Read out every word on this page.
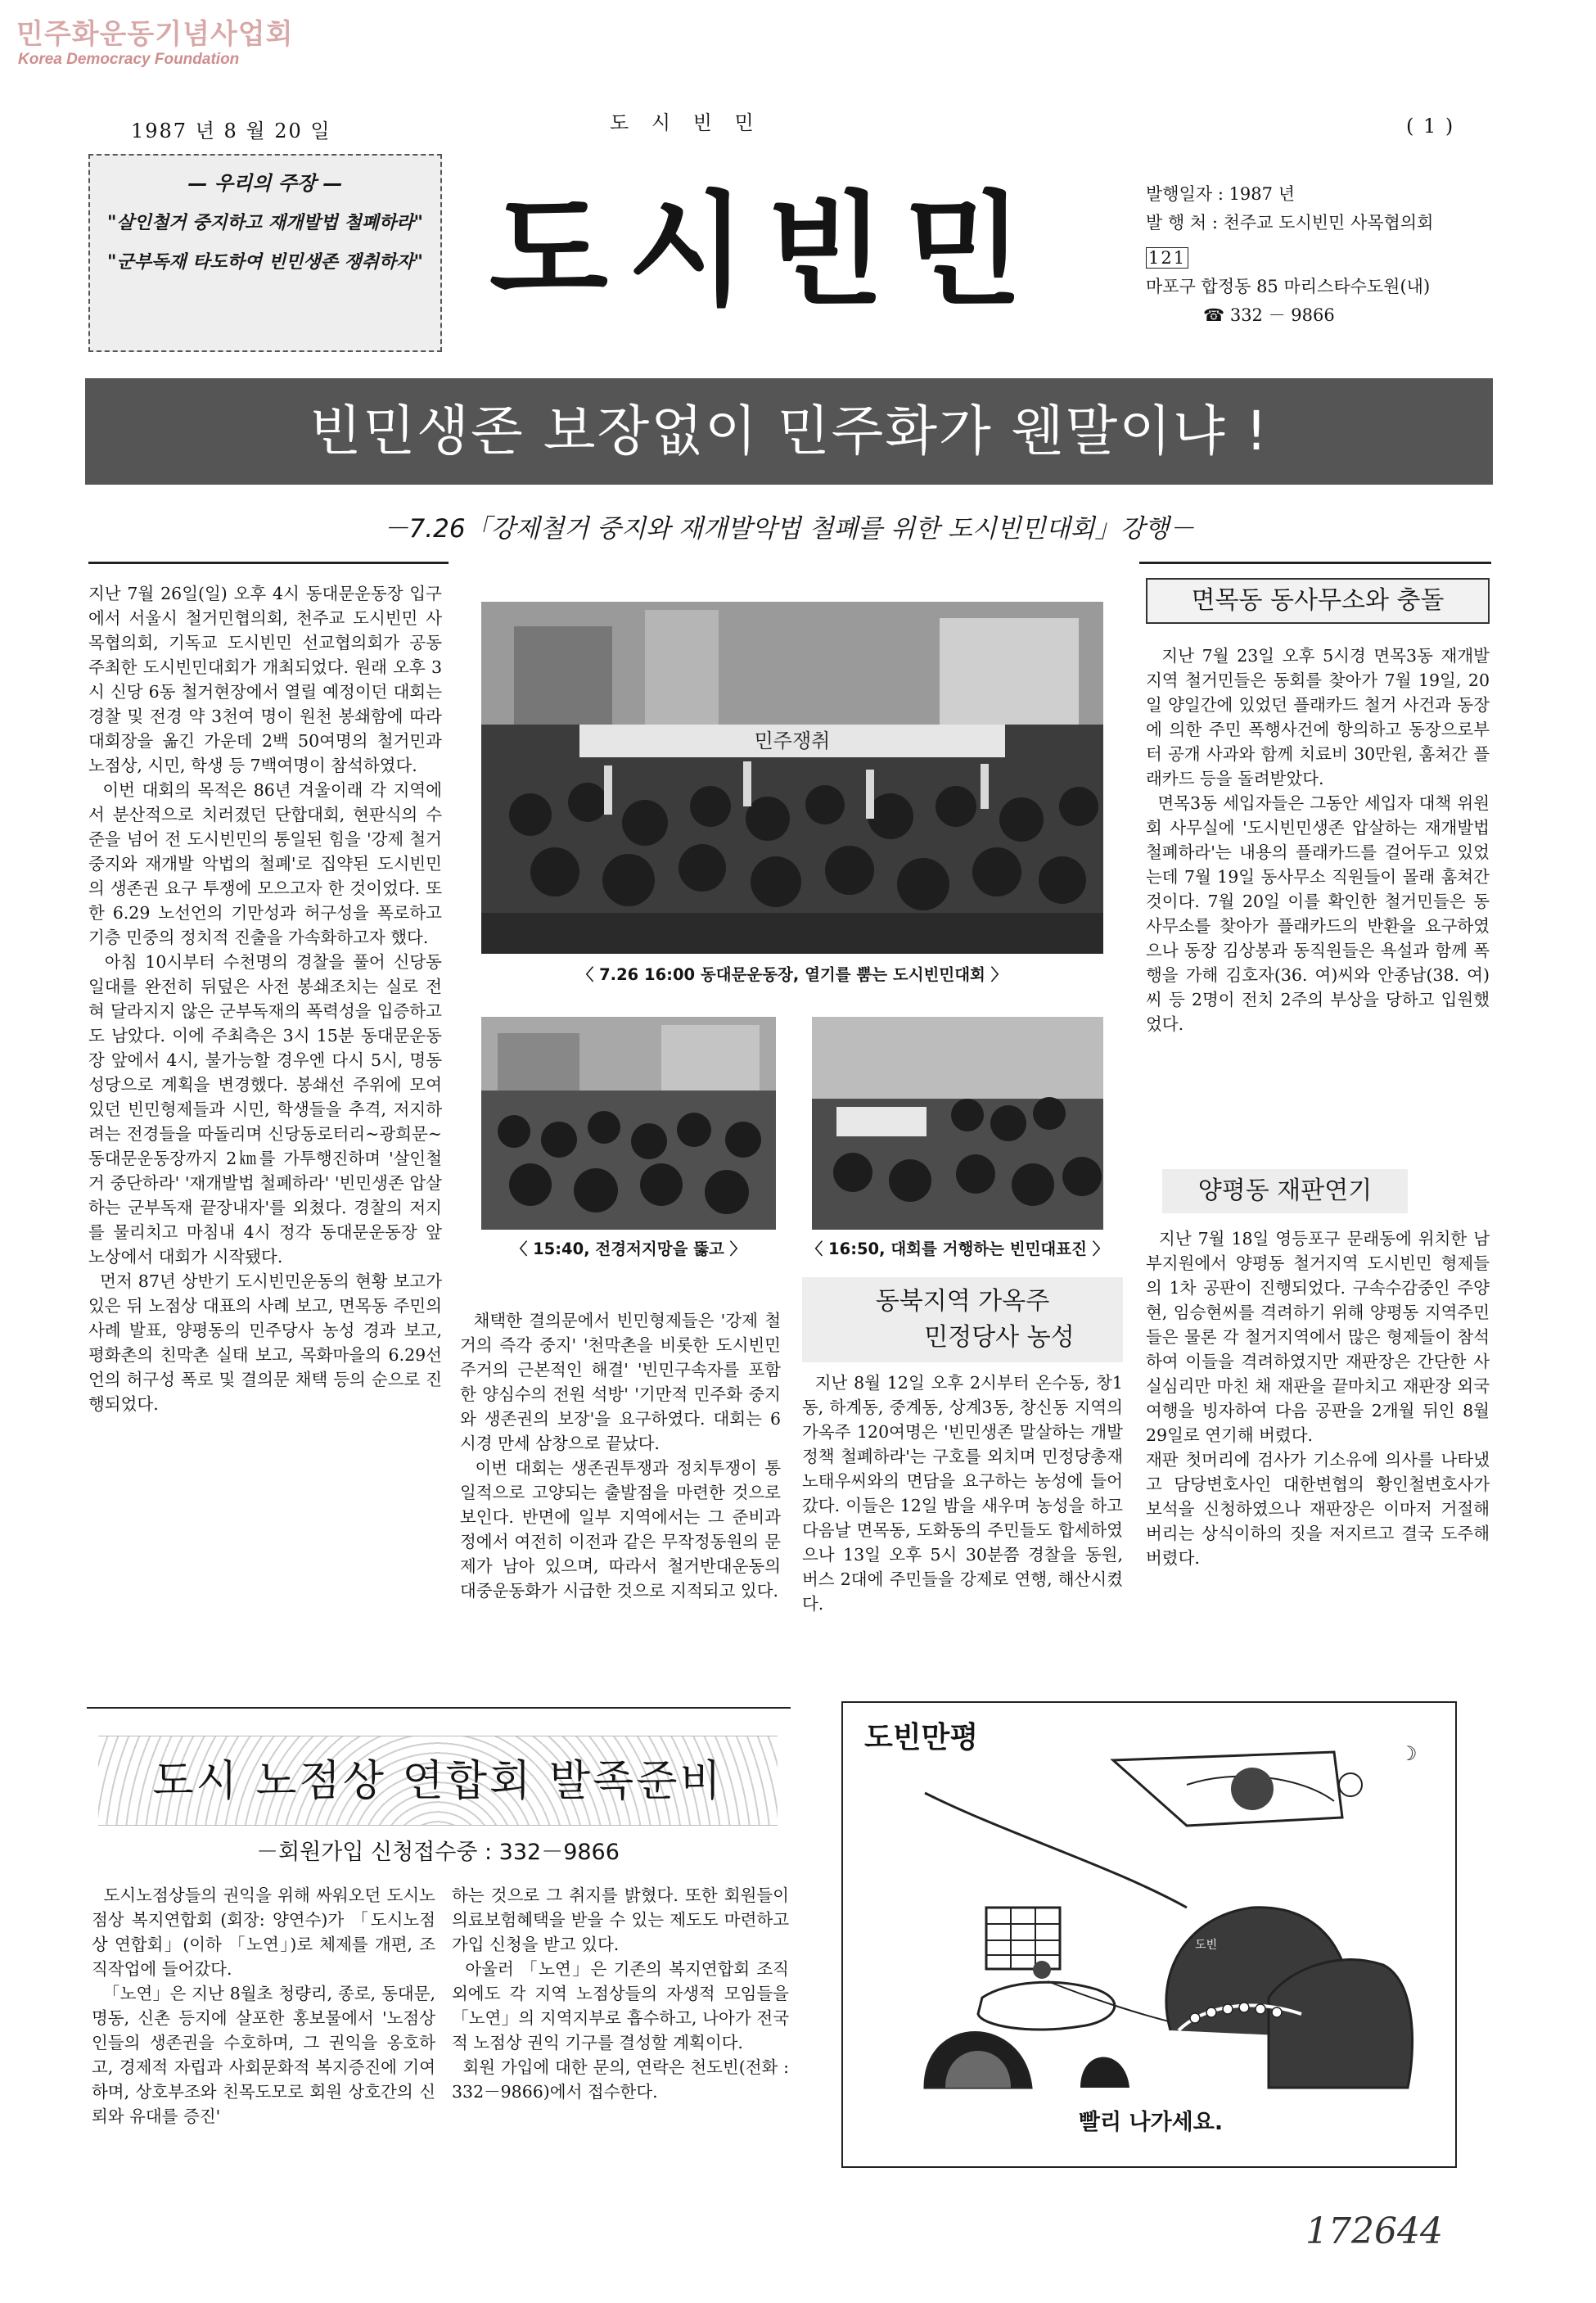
민주화운동기념사업회
Korea Democracy Foundation
1987 년 8 월 20 일	도 시 빈 민	( 1 )
— 우리의 주장 —
"살인철거 중지하고 재개발법 철폐하라"
"군부독재 타도하여 빈민생존 쟁취하자" 도시빈민	발행일자 : 1987 년
발 행 처 : 천주교 도시빈민 사목협의회
121
마포구 합정동 85 마리스타수도원(내)
☎ 332 － 9866
빈민생존 보장없이 민주화가 웬말이냐 !
－7.26「강제철거 중지와 재개발악법 철폐를 위한 도시빈민대회」강행－
지난 7월 26일(일) 오후 4시 동대문운동장 입구에서 서울시 철거민협의회, 천주교 도시빈민 사목협의회, 기독교 도시빈민 선교협의회가 공동 주최한 도시빈민대회가 개최되었다. 원래 오후 3시 신당 6동 철거현장에서 열릴 예정이던 대회는 경찰 및 전경 약 3천여 명이 원천 봉쇄함에 따라 대회장을 옮긴 가운데 2백 50여명의 철거민과 노점상, 시민, 학생 등 7백여명이 참석하였다.
이번 대회의 목적은 86년 겨울이래 각 지역에서 분산적으로 치러졌던 단합대회, 현판식의 수준을 넘어 전 도시빈민의 통일된 힘을 '강제 철거 중지와 재개발 악법의 철폐'로 집약된 도시빈민의 생존권 요구 투쟁에 모으고자 한 것이었다. 또한 6.29 노선언의 기만성과 허구성을 폭로하고 기층 민중의 정치적 진출을 가속화하고자 했다.
아침 10시부터 수천명의 경찰을 풀어 신당동 일대를 완전히 뒤덮은 사전 봉쇄조치는 실로 전혀 달라지지 않은 군부독재의 폭력성을 입증하고도 남았다. 이에 주최측은 3시 15분 동대문운동장 앞에서 4시, 불가능할 경우엔 다시 5시, 명동성당으로 계획을 변경했다. 봉쇄선 주위에 모여있던 빈민형제들과 시민, 학생들을 추격, 저지하려는 전경들을 따돌리며 신당동로터리~광희문~동대문운동장까지 2㎞를 가투행진하며 '살인철거 중단하라' '재개발법 철폐하라' '빈민생존 압살하는 군부독재 끝장내자'를 외쳤다. 경찰의 저지를 물리치고 마침내 4시 정각 동대문운동장 앞 노상에서 대회가 시작됐다.
먼저 87년 상반기 도시빈민운동의 현황 보고가 있은 뒤 노점상 대표의 사례 보고, 면목동 주민의 사례 발표, 양평동의 민주당사 농성 경과 보고, 평화촌의 친막촌 실태 보고, 목화마을의 6.29선언의 허구성 폭로 및 결의문 채택 등의 순으로 진행되었다.
민주쟁취
〈 7.26 16:00 동대문운동장, 열기를 뿜는 도시빈민대회 〉
〈 15:40, 전경저지망을 뚫고 〉	〈 16:50, 대회를 거행하는 빈민대표진 〉
채택한 결의문에서 빈민형제들은 '강제 철거의 즉각 중지' '천막촌을 비롯한 도시빈민 주거의 근본적인 해결' '빈민구속자를 포함한 양심수의 전원 석방' '기만적 민주화 중지와 생존권의 보장'을 요구하였다. 대회는 6시경 만세 삼창으로 끝났다.
이번 대회는 생존권투쟁과 정치투쟁이 통일적으로 고양되는 출발점을 마련한 것으로 보인다. 반면에 일부 지역에서는 그 준비과정에서 여전히 이전과 같은 무작정동원의 문제가 남아 있으며, 따라서 철거반대운동의 대중운동화가 시급한 것으로 지적되고 있다.
동북지역 가옥주
민정당사 농성
지난 8월 12일 오후 2시부터 온수동, 창1동, 하계동, 중계동, 상계3동, 창신동 지역의 가옥주 120여명은 '빈민생존 말살하는 개발정책 철폐하라'는 구호를 외치며 민정당총재 노태우씨와의 면담을 요구하는 농성에 들어갔다. 이들은 12일 밤을 새우며 농성을 하고 다음날 면목동, 도화동의 주민들도 합세하였으나 13일 오후 5시 30분쯤 경찰을 동원, 버스 2대에 주민들을 강제로 연행, 해산시켰다.
면목동 동사무소와 충돌
지난 7월 23일 오후 5시경 면목3동 재개발 지역 철거민들은 동회를 찾아가 7월 19일, 20일 양일간에 있었던 플래카드 철거 사건과 동장에 의한 주민 폭행사건에 항의하고 동장으로부터 공개 사과와 함께 치료비 30만원, 훔쳐간 플래카드 등을 돌려받았다.
면목3동 세입자들은 그동안 세입자 대책 위원회 사무실에 '도시빈민생존 압살하는 재개발법 철폐하라'는 내용의 플래카드를 걸어두고 있었는데 7월 19일 동사무소 직원들이 몰래 훔쳐간 것이다. 7월 20일 이를 확인한 철거민들은 동사무소를 찾아가 플래카드의 반환을 요구하였으나 동장 김상봉과 동직원들은 욕설과 함께 폭행을 가해 김호자(36. 여)씨와 안종남(38. 여)씨 등 2명이 전치 2주의 부상을 당하고 입원했었다.
양평동 재판연기
지난 7월 18일 영등포구 문래동에 위치한 남부지원에서 양평동 철거지역 도시빈민 형제들의 1차 공판이 진행되었다. 구속수감중인 주양현, 임승현씨를 격려하기 위해 양평동 지역주민들은 물론 각 철거지역에서 많은 형제들이 참석하여 이들을 격려하였지만 재판장은 간단한 사실심리만 마친 채 재판을 끝마치고 재판장 외국여행을 빙자하여 다음 공판을 2개월 뒤인 8월 29일로 연기해 버렸다.
재판 첫머리에 검사가 기소유에 의사를 나타냈고 담당변호사인 대한변협의 황인철변호사가 보석을 신청하였으나 재판장은 이마저 거절해버리는 상식이하의 짓을 저지르고 결국 도주해 버렸다.
도시 노점상 연합회 발족준비
－회원가입 신청접수중 : 332－9866
도시노점상들의 권익을 위해 싸워오던 도시노점상 복지연합회 (회장: 양연수)가 「도시노점상 연합회」(이하 「노연」)로 체제를 개편, 조직작업에 들어갔다.
「노연」은 지난 8월초 청량리, 종로, 동대문, 명동, 신촌 등지에 살포한 홍보물에서 '노점상인들의 생존권을 수호하며, 그 권익을 옹호하고, 경제적 자립과 사회문화적 복지증진에 기여하며, 상호부조와 친목도모로 회원 상호간의 신뢰와 유대를 증진'
하는 것으로 그 취지를 밝혔다. 또한 회원들이 의료보험혜택을 받을 수 있는 제도도 마련하고 가입 신청을 받고 있다.
아울러 「노연」은 기존의 복지연합회 조직 외에도 각 지역 노점상들의 자생적 모임들을 「노연」의 지역지부로 흡수하고, 나아가 전국적 노점상 권익 기구를 결성할 계획이다.
회원 가입에 대한 문의, 연락은 천도빈(전화 : 332－9866)에서 접수한다.
도빈만평
도빈
☽
빨리 나가세요.
172644
